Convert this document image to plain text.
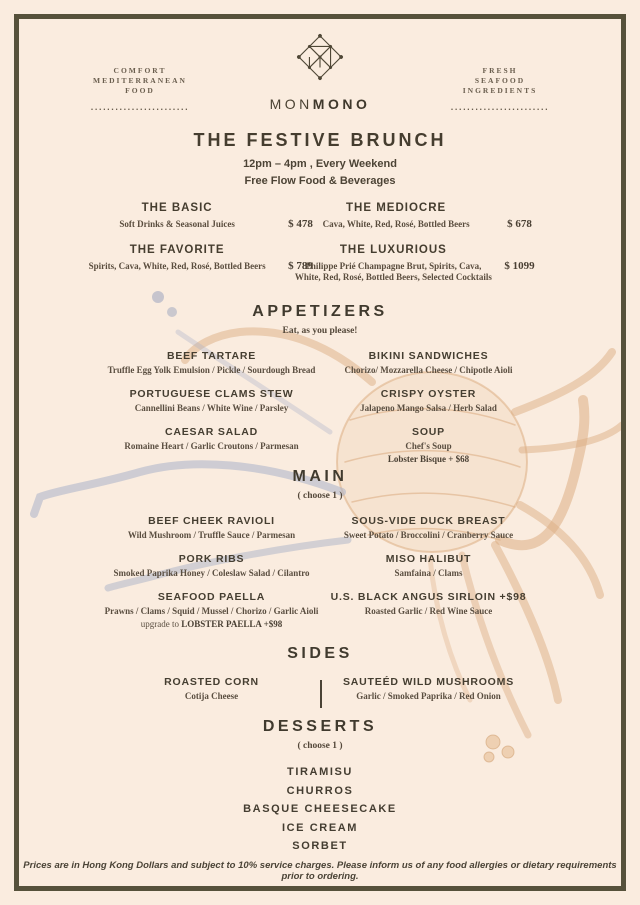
COMFORT
MEDITERRANEAN
FOOD
........................	MONMONO
FRESH
SEAFOOD
INGREDIENTS
........................
THE FESTIVE BRUNCH
12pm – 4pm , Every Weekend
Free Flow Food & Beverages
THE BASIC
Soft Drinks & Seasonal Juices	$ 478
THE MEDIOCRE
Cava, White, Red, Rosé, Bottled Beers	$ 678
THE FAVORITE
Spirits, Cava, White, Red, Rosé, Bottled Beers	$ 789
THE LUXURIOUS
Philippe Prié Champagne Brut, Spirits, Cava, White, Red, Rosé, Bottled Beers, Selected Cocktails
$ 1099
APPETIZERS
Eat, as you please!
BEEF TARTARE
Truffle Egg Yolk Emulsion / Pickle / Sourdough Bread
PORTUGUESE CLAMS STEW
Cannellini Beans / White Wine / Parsley
CAESAR SALAD
Romaine Heart / Garlic Croutons / Parmesan
BIKINI SANDWICHES
Chorizo/ Mozzarella Cheese / Chipotle Aioli
CRISPY OYSTER
Jalapeno Mango Salsa / Herb Salad
SOUP
Chef's Soup
Lobster Bisque + $68
MAIN
( choose 1 )
BEEF CHEEK RAVIOLI
Wild Mushroom / Truffle Sauce / Parmesan
PORK RIBS
Smoked Paprika Honey / Coleslaw Salad / Cilantro
SEAFOOD PAELLA
Prawns / Clams / Squid / Mussel / Chorizo / Garlic Aioli
upgrade to LOBSTER PAELLA +$98
SOUS-VIDE DUCK BREAST
Sweet Potato / Broccolini / Cranberry Sauce
MISO HALIBUT
Samfaina / Clams
U.S. BLACK ANGUS SIRLOIN +$98
Roasted Garlic / Red Wine Sauce
SIDES
ROASTED CORN
Cotija Cheese
SAUTEÉD WILD MUSHROOMS
Garlic / Smoked Paprika / Red Onion
DESSERTS
( choose 1 )
TIRAMISU
CHURROS
BASQUE CHEESECAKE
ICE CREAM
SORBET
Prices are in Hong Kong Dollars and subject to 10% service charges. Please inform us of any food allergies or dietary requirements prior to ordering.
